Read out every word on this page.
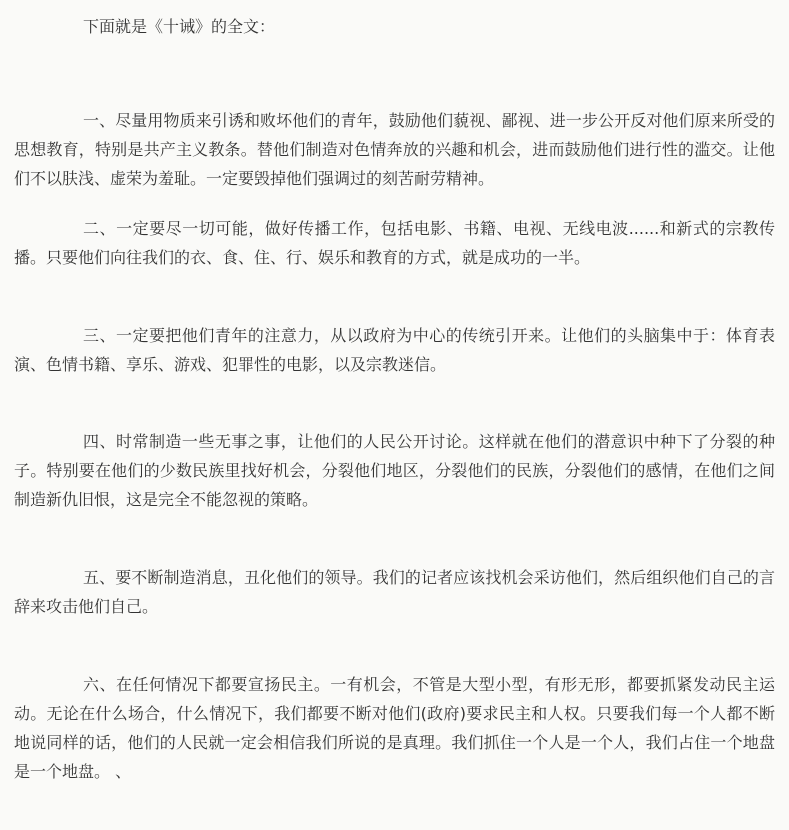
下面就是《十诫》的全文：

一、尽量用物质来引诱和败坏他们的青年，鼓励他们藐视、鄙视、进一步公开反对他们原来所受的思想教育，特别是共产主义教条。替他们制造对色情奔放的兴趣和机会，进而鼓励他们进行性的滥交。让他们不以肤浅、虚荣为羞耻。一定要毁掉他们强调过的刻苦耐劳精神。

二、一定要尽一切可能，做好传播工作，包括电影、书籍、电视、无线电波......和新式的宗教传播。只要他们向往我们的衣、食、住、行、娱乐和教育的方式，就是成功的一半。

三、一定要把他们青年的注意力，从以政府为中心的传统引开来。让他们的头脑集中于：体育表演、色情书籍、享乐、游戏、犯罪性的电影，以及宗教迷信。

四、时常制造一些无事之事，让他们的人民公开讨论。这样就在他们的潜意识中种下了分裂的种子。特别要在他们的少数民族里找好机会，分裂他们地区，分裂他们的民族，分裂他们的感情，在他们之间制造新仇旧恨，这是完全不能忽视的策略。

五、要不断制造消息，丑化他们的领导。我们的记者应该找机会采访他们，然后组织他们自己的言辞来攻击他们自己。

六、在任何情况下都要宣扬民主。一有机会，不管是大型小型，有形无形，都要抓紧发动民主运动。无论在什么场合，什么情况下，我们都要不断对他们(政府)要求民主和人权。只要我们每一个人都不断地说同样的话，他们的人民就一定会相信我们所说的是真理。我们抓住一个人是一个人，我们占住一个地盘是一个地盘。 、
